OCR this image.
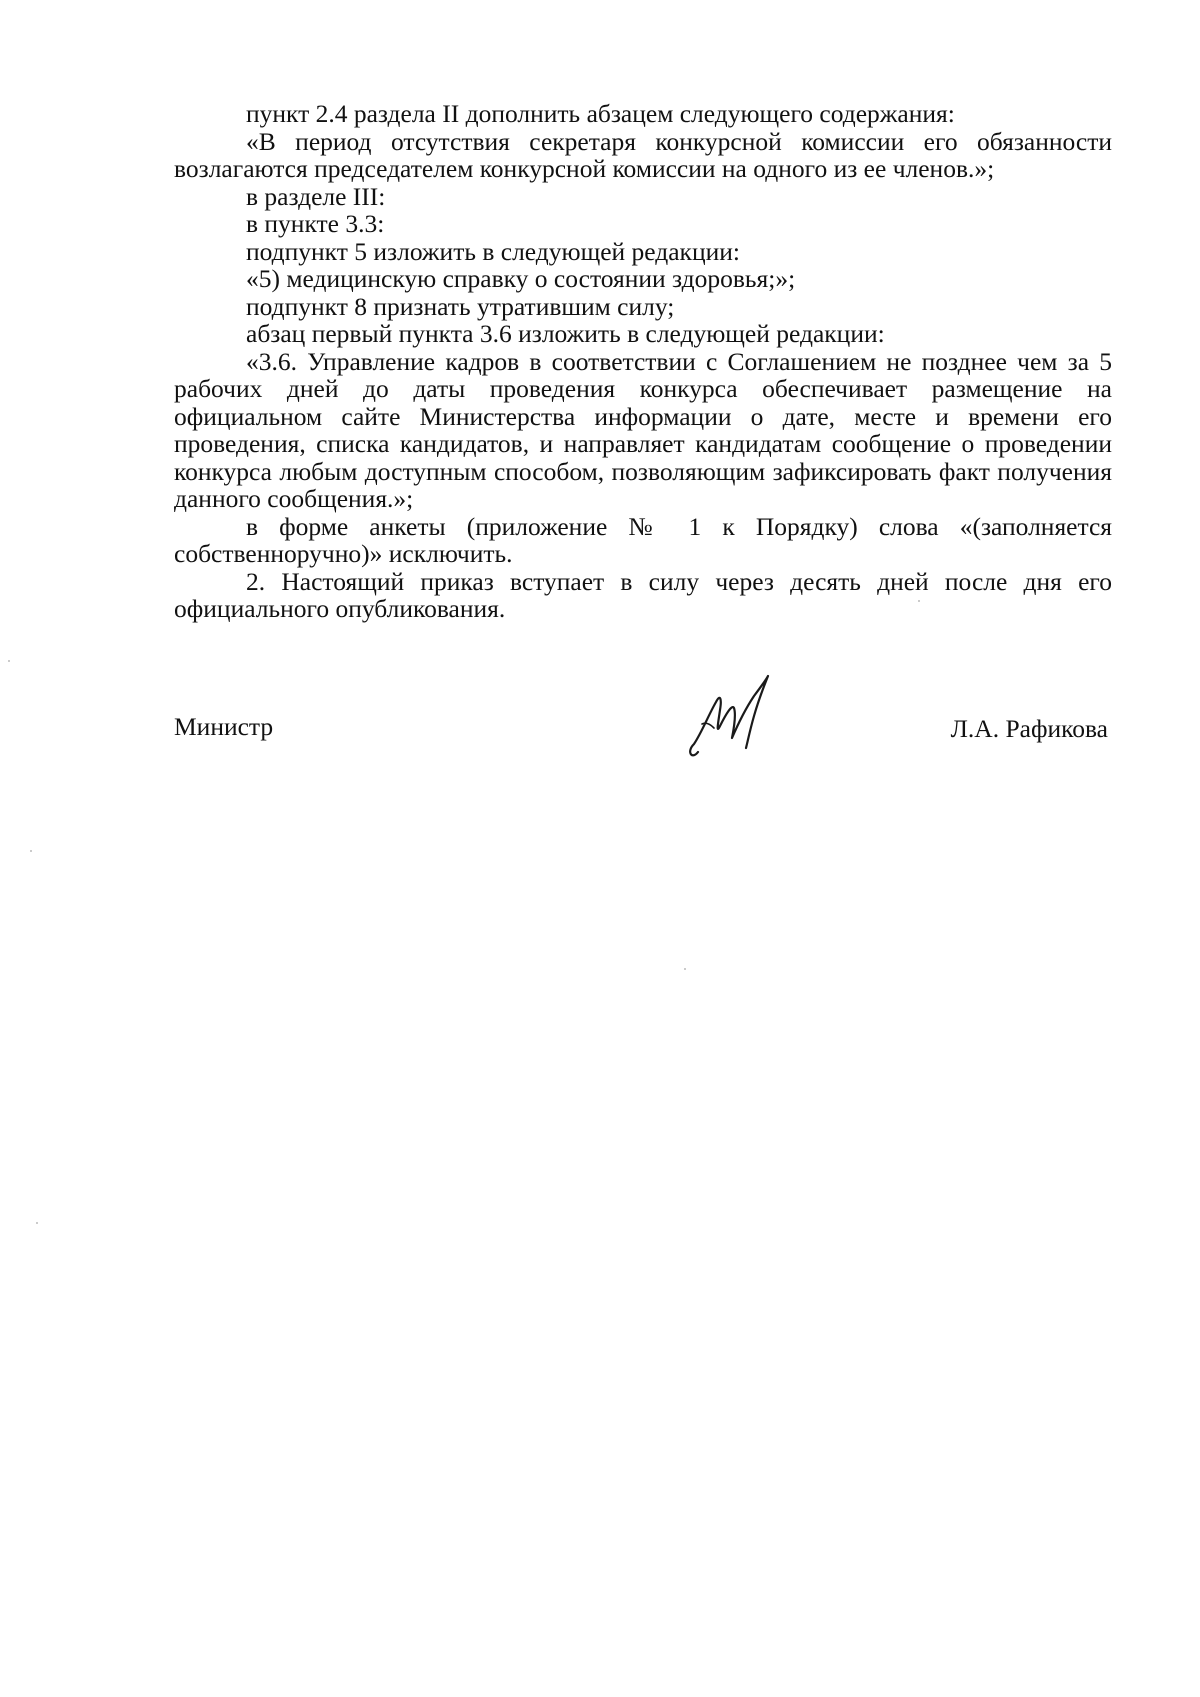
пункт 2.4 раздела II дополнить абзацем следующего содержания:

«В период отсутствия секретаря конкурсной комиссии его обязанности возлагаются председателем конкурсной комиссии на одного из ее членов.»;

в разделе III:

в пункте 3.3:

подпункт 5 изложить в следующей редакции:

«5) медицинскую справку о состоянии здоровья;»;

подпункт 8 признать утратившим силу;

абзац первый пункта 3.6 изложить в следующей редакции:

«3.6. Управление кадров в соответствии с Соглашением не позднее чем за 5 рабочих дней до даты проведения конкурса обеспечивает размещение на официальном сайте Министерства информации о дате, месте и времени его проведения, списка кандидатов, и направляет кандидатам сообщение о проведении конкурса любым доступным способом, позволяющим зафиксировать факт получения данного сообщения.»;

в форме анкеты (приложение № 1 к Порядку) слова «(заполняется собственноручно)» исключить.

2. Настоящий приказ вступает в силу через десять дней после дня его официального опубликования.

Министр	Л.А. Рафикова
